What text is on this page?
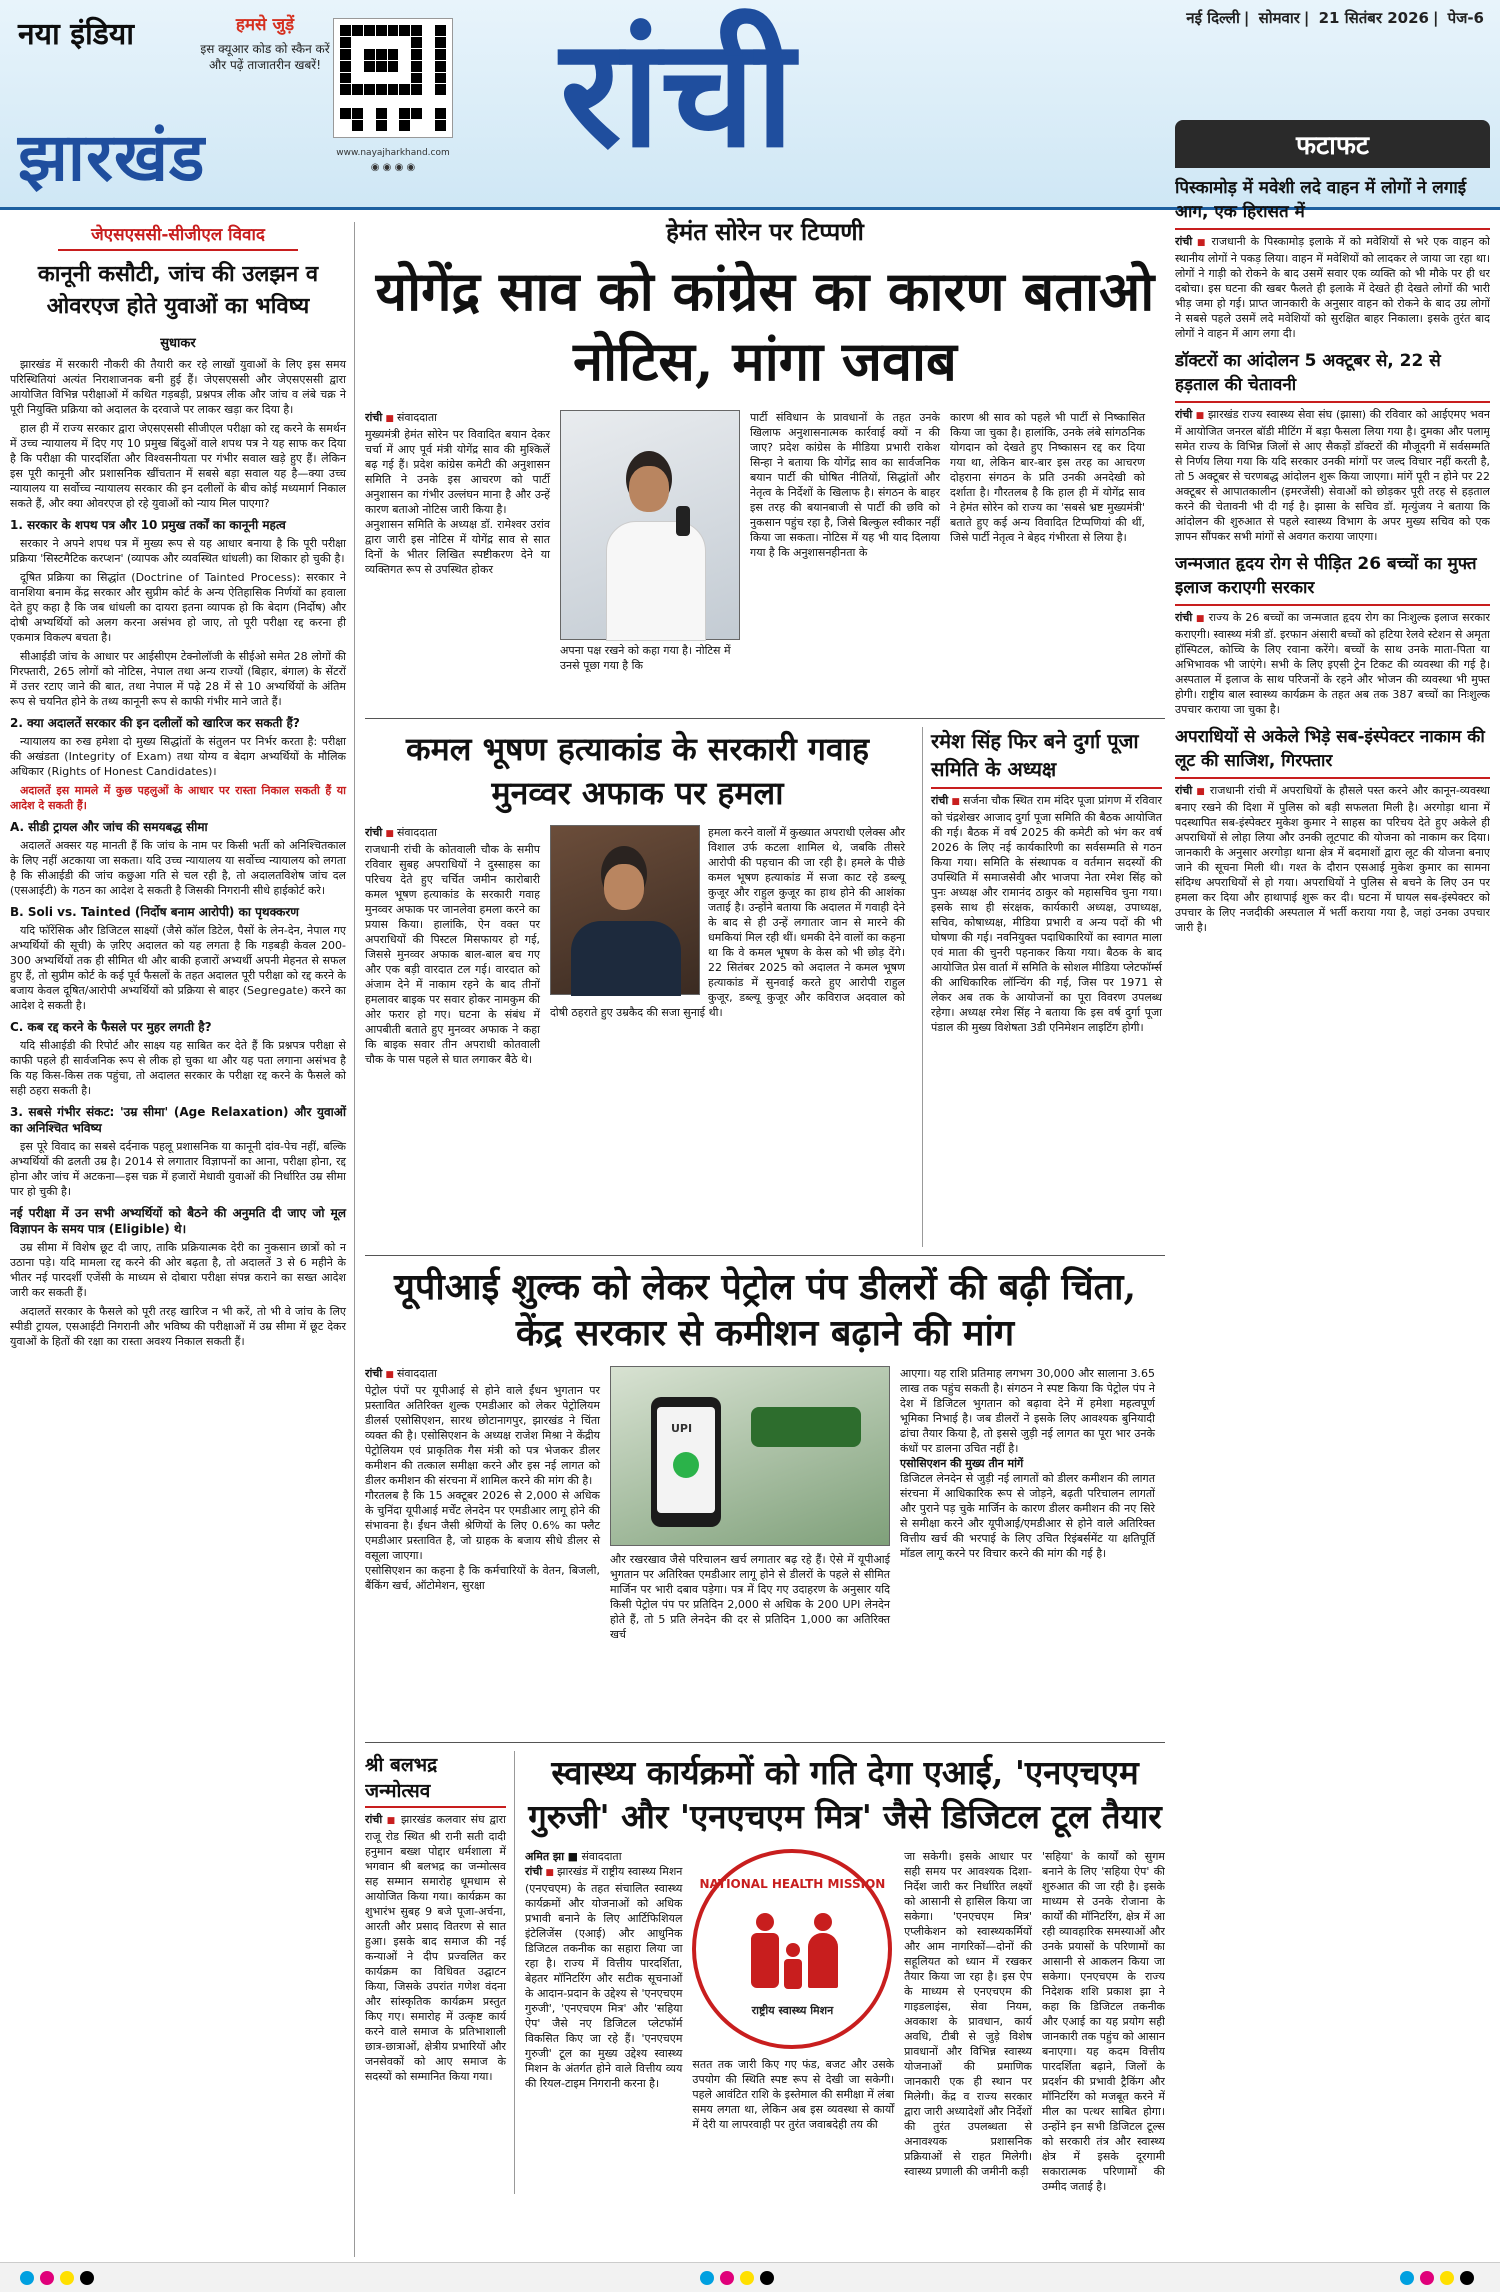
नया इंडिया
झारखंड
हमसे जुड़ें
इस क्यूआर कोड को स्कैन करें और पढ़ें ताजातरीन खबरें!
www.nayajharkhand.com
◉ ◉ ◉ ◉ रांची	नई दिल्ली | सोमवार | 21 सितंबर 2026 | पेज-6
जेएसएससी-सीजीएल विवाद
कानूनी कसौटी, जांच की उलझन व ओवरएज होते युवाओं का भविष्य
सुधाकर

झारखंड में सरकारी नौकरी की तैयारी कर रहे लाखों युवाओं के लिए इस समय परिस्थितियां अत्यंत निराशाजनक बनी हुई हैं। जेएसएससी और जेएसएससी द्वारा आयोजित विभिन्न परीक्षाओं में कथित गड़बड़ी, प्रश्नपत्र लीक और जांच व लंबे चक्र ने पूरी नियुक्ति प्रक्रिया को अदालत के दरवाजे पर लाकर खड़ा कर दिया है।

हाल ही में राज्य सरकार द्वारा जेएसएससी सीजीएल परीक्षा को रद्द करने के समर्थन में उच्च न्यायालय में दिए गए 10 प्रमुख बिंदुओं वाले शपथ पत्र ने यह साफ कर दिया है कि परीक्षा की पारदर्शिता और विश्वसनीयता पर गंभीर सवाल खड़े हुए हैं। लेकिन इस पूरी कानूनी और प्रशासनिक खींचतान में सबसे बड़ा सवाल यह है—क्या उच्च न्यायालय या सर्वोच्च न्यायालय सरकार की इन दलीलों के बीच कोई मध्यमार्ग निकाल सकते हैं, और क्या ओवरएज हो रहे युवाओं को न्याय मिल पाएगा?

1. सरकार के शपथ पत्र और 10 प्रमुख तर्कों का कानूनी महत्व

सरकार ने अपने शपथ पत्र में मुख्य रूप से यह आधार बनाया है कि पूरी परीक्षा प्रक्रिया 'सिस्टमैटिक करप्शन' (व्यापक और व्यवस्थित धांधली) का शिकार हो चुकी है।

दूषित प्रक्रिया का सिद्धांत (Doctrine of Tainted Process): सरकार ने वानशिया बनाम केंद्र सरकार और सुप्रीम कोर्ट के अन्य ऐतिहासिक निर्णयों का हवाला देते हुए कहा है कि जब धांधली का दायरा इतना व्यापक हो कि बेदाग (निर्दोष) और दोषी अभ्यर्थियों को अलग करना असंभव हो जाए, तो पूरी परीक्षा रद्द करना ही एकमात्र विकल्प बचता है।

सीआईडी जांच के आधार पर आईसीएम टेक्नोलॉजी के सीईओ समेत 28 लोगों की गिरफ्तारी, 265 लोगों को नोटिस, नेपाल तथा अन्य राज्यों (बिहार, बंगाल) के सेंटरों में उत्तर रटाए जाने की बात, तथा नेपाल में पढ़े 28 में से 10 अभ्यर्थियों के अंतिम रूप से चयनित होने के तथ्य कानूनी रूप से काफी गंभीर माने जाते हैं।

2. क्या अदालतें सरकार की इन दलीलों को खारिज कर सकती हैं?

न्यायालय का रुख हमेशा दो मुख्य सिद्धांतों के संतुलन पर निर्भर करता है: परीक्षा की अखंडता (Integrity of Exam) तथा योग्य व बेदाग अभ्यर्थियों के मौलिक अधिकार (Rights of Honest Candidates)।

अदालतें इस मामले में कुछ पहलुओं के आधार पर रास्ता निकाल सकती हैं या आदेश दे सकती हैं।

A. सीडी ट्रायल और जांच की समयबद्ध सीमा

अदालतें अक्सर यह मानती हैं कि जांच के नाम पर किसी भर्ती को अनिश्चितकाल के लिए नहीं अटकाया जा सकता। यदि उच्च न्यायालय या सर्वोच्च न्यायालय को लगता है कि सीआईडी की जांच कछुआ गति से चल रही है, तो अदालतविशेष जांच दल (एसआईटी) के गठन का आदेश दे सकती है जिसकी निगरानी सीधे हाईकोर्ट करे।

B. Soli vs. Tainted (निर्दोष बनाम आरोपी) का पृथक्करण

यदि फॉरेंसिक और डिजिटल साक्ष्यों (जैसे कॉल डिटेल, पैसों के लेन-देन, नेपाल गए अभ्यर्थियों की सूची) के ज़रिए अदालत को यह लगता है कि गड़बड़ी केवल 200-300 अभ्यर्थियों तक ही सीमित थी और बाकी हजारों अभ्यर्थी अपनी मेहनत से सफल हुए हैं, तो सुप्रीम कोर्ट के कई पूर्व फैसलों के तहत अदालत पूरी परीक्षा को रद्द करने के बजाय केवल दूषित/आरोपी अभ्यर्थियों को प्रक्रिया से बाहर (Segregate) करने का आदेश दे सकती है।

C. कब रद्द करने के फैसले पर मुहर लगती है?

यदि सीआईडी की रिपोर्ट और साक्ष्य यह साबित कर देते हैं कि प्रश्नपत्र परीक्षा से काफी पहले ही सार्वजनिक रूप से लीक हो चुका था और यह पता लगाना असंभव है कि यह किस-किस तक पहुंचा, तो अदालत सरकार के परीक्षा रद्द करने के फैसले को सही ठहरा सकती है।

3. सबसे गंभीर संकट: 'उम्र सीमा' (Age Relaxation) और युवाओं का अनिश्चित भविष्य

इस पूरे विवाद का सबसे दर्दनाक पहलू प्रशासनिक या कानूनी दांव-पेच नहीं, बल्कि अभ्यर्थियों की ढलती उम्र है। 2014 से लगातार विज्ञापनों का आना, परीक्षा होना, रद्द होना और जांच में अटकना—इस चक्र में हजारों मेधावी युवाओं की निर्धारित उम्र सीमा पार हो चुकी है।

नई परीक्षा में उन सभी अभ्यर्थियों को बैठने की अनुमति दी जाए जो मूल विज्ञापन के समय पात्र (Eligible) थे।

उम्र सीमा में विशेष छूट दी जाए, ताकि प्रक्रियात्मक देरी का नुकसान छात्रों को न उठाना पड़े। यदि मामला रद्द करने की ओर बढ़ता है, तो अदालतें 3 से 6 महीने के भीतर नई पारदर्शी एजेंसी के माध्यम से दोबारा परीक्षा संपन्न कराने का सख्त आदेश जारी कर सकती हैं।

अदालतें सरकार के फैसले को पूरी तरह खारिज न भी करें, तो भी वे जांच के लिए स्पीडी ट्रायल, एसआईटी निगरानी और भविष्य की परीक्षाओं में उम्र सीमा में छूट देकर युवाओं के हितों की रक्षा का रास्ता अवश्य निकाल सकती हैं।

हेमंत सोरेन पर टिप्पणी
योगेंद्र साव को कांग्रेस का कारण बताओ नोटिस, मांगा जवाब
रांची ■ संवाददाता
मुख्यमंत्री हेमंत सोरेन पर विवादित बयान देकर चर्चा में आए पूर्व मंत्री योगेंद्र साव की मुश्किलें बढ़ गई हैं। प्रदेश कांग्रेस कमेटी की अनुशासन समिति ने उनके इस आचरण को पार्टी अनुशासन का गंभीर उल्लंघन माना है और उन्हें कारण बताओ नोटिस जारी किया है।
अनुशासन समिति के अध्यक्ष डॉ. रामेश्वर उरांव द्वारा जारी इस नोटिस में योगेंद्र साव से सात दिनों के भीतर लिखित स्पष्टीकरण देने या व्यक्तिगत रूप से उपस्थित होकर
अपना पक्ष रखने को कहा गया है। नोटिस में उनसे पूछा गया है कि
पार्टी संविधान के प्रावधानों के तहत उनके खिलाफ अनुशासनात्मक कार्रवाई क्यों न की जाए? प्रदेश कांग्रेस के मीडिया प्रभारी राकेश सिन्हा ने बताया कि योगेंद्र साव का सार्वजनिक बयान पार्टी की घोषित नीतियों, सिद्धांतों और नेतृत्व के निर्देशों के खिलाफ है। संगठन के बाहर इस तरह की बयानबाजी से पार्टी की छवि को नुकसान पहुंच रहा है, जिसे बिल्कुल स्वीकार नहीं किया जा सकता। नोटिस में यह भी याद दिलाया गया है कि अनुशासनहीनता के
कारण श्री साव को पहले भी पार्टी से निष्कासित किया जा चुका है। हालांकि, उनके लंबे सांगठनिक योगदान को देखते हुए निष्कासन रद्द कर दिया गया था, लेकिन बार-बार इस तरह का आचरण दोहराना संगठन के प्रति उनकी अनदेखी को दर्शाता है। गौरतलब है कि हाल ही में योगेंद्र साव ने हेमंत सोरेन को राज्य का 'सबसे भ्रष्ट मुख्यमंत्री' बताते हुए कई अन्य विवादित टिप्पणियां की थीं, जिसे पार्टी नेतृत्व ने बेहद गंभीरता से लिया है।
कमल भूषण हत्याकांड के सरकारी गवाह मुनव्वर अफाक पर हमला
रांची ■ संवाददाता
राजधानी रांची के कोतवाली चौक के समीप रविवार सुबह अपराधियों ने दुस्साहस का परिचय देते हुए चर्चित जमीन कारोबारी कमल भूषण हत्याकांड के सरकारी गवाह मुनव्वर अफाक पर जानलेवा हमला करने का प्रयास किया। हालांकि, ऐन वक्त पर अपराधियों की पिस्टल मिसफायर हो गई, जिससे मुनव्वर अफाक बाल-बाल बच गए और एक बड़ी वारदात टल गई। वारदात को अंजाम देने में नाकाम रहने के बाद तीनों हमलावर बाइक पर सवार होकर नामकुम की ओर फरार हो गए। घटना के संबंध में आपबीती बताते हुए मुनव्वर अफाक ने कहा कि बाइक सवार तीन अपराधी कोतवाली चौक के पास पहले से घात लगाकर बैठे थे।
हमला करने वालों में कुख्यात अपराधी एलेक्स और विशाल उर्फ कटला शामिल थे, जबकि तीसरे आरोपी की पहचान की जा रही है। हमले के पीछे कमल भूषण हत्याकांड में सजा काट रहे डब्ल्यू कुजूर और राहुल कुजूर का हाथ होने की आशंका जताई है। उन्होंने बताया कि अदालत में गवाही देने के बाद से ही उन्हें लगातार जान से मारने की धमकियां मिल रही थीं। धमकी देने वालों का कहना था कि वे कमल भूषण के केस को भी छोड़ देंगे। 22 सितंबर 2025 को अदालत ने कमल भूषण हत्याकांड में सुनवाई करते हुए आरोपी राहुल कुजूर, डब्ल्यू कुजूर और कविराज अदवाल को दोषी ठहराते हुए उम्रकैद की सजा सुनाई थी।
रमेश सिंह फिर बने दुर्गा पूजा समिति के अध्यक्ष
रांची ■ सर्जना चौक स्थित राम मंदिर पूजा प्रांगण में रविवार को चंद्रशेखर आजाद दुर्गा पूजा समिति की बैठक आयोजित की गई। बैठक में वर्ष 2025 की कमेटी को भंग कर वर्ष 2026 के लिए नई कार्यकारिणी का सर्वसम्मति से गठन किया गया। समिति के संस्थापक व वर्तमान सदस्यों की उपस्थिति में समाजसेवी और भाजपा नेता रमेश सिंह को पुनः अध्यक्ष और रामानंद ठाकुर को महासचिव चुना गया। इसके साथ ही संरक्षक, कार्यकारी अध्यक्ष, उपाध्यक्ष, सचिव, कोषाध्यक्ष, मीडिया प्रभारी व अन्य पदों की भी घोषणा की गई। नवनियुक्त पदाधिकारियों का स्वागत माला एवं माता की चुनरी पहनाकर किया गया। बैठक के बाद आयोजित प्रेस वार्ता में समिति के सोशल मीडिया प्लेटफॉर्म्स की आधिकारिक लॉन्चिंग की गई, जिस पर 1971 से लेकर अब तक के आयोजनों का पूरा विवरण उपलब्ध रहेगा। अध्यक्ष रमेश सिंह ने बताया कि इस वर्ष दुर्गा पूजा पंडाल की मुख्य विशेषता 3डी एनिमेशन लाइटिंग होगी।
यूपीआई शुल्क को लेकर पेट्रोल पंप डीलरों की बढ़ी चिंता, केंद्र सरकार से कमीशन बढ़ाने की मांग
रांची ■ संवाददाता
पेट्रोल पंपों पर यूपीआई से होने वाले ईंधन भुगतान पर प्रस्तावित अतिरिक्त शुल्क एमडीआर को लेकर पेट्रोलियम डीलर्स एसोसिएशन, सारथ छोटानागपुर, झारखंड ने चिंता व्यक्त की है। एसोसिएशन के अध्यक्ष राजेश मिश्रा ने केंद्रीय पेट्रोलियम एवं प्राकृतिक गैस मंत्री को पत्र भेजकर डीलर कमीशन की तत्काल समीक्षा करने और इस नई लागत को डीलर कमीशन की संरचना में शामिल करने की मांग की है।
गौरतलब है कि 15 अक्टूबर 2026 से 2,000 से अधिक के चुनिंदा यूपीआई मर्चेंट लेनदेन पर एमडीआर लागू होने की संभावना है। ईंधन जैसी श्रेणियों के लिए 0.6% का फ्लैट एमडीआर प्रस्तावित है, जो ग्राहक के बजाय सीधे डीलर से वसूला जाएगा।
एसोसिएशन का कहना है कि कर्मचारियों के वेतन, बिजली, बैंकिंग खर्च, ऑटोमेशन, सुरक्षा
UPI
और रखरखाव जैसे परिचालन खर्च लगातार बढ़ रहे हैं। ऐसे में यूपीआई भुगतान पर अतिरिक्त एमडीआर लागू होने से डीलरों के पहले से सीमित मार्जिन पर भारी दबाव पड़ेगा। पत्र में दिए गए उदाहरण के अनुसार यदि किसी पेट्रोल पंप पर प्रतिदिन 2,000 से अधिक के 200 UPI लेनदेन होते हैं, तो 5 प्रति लेनदेन की दर से प्रतिदिन 1,000 का अतिरिक्त खर्च
आएगा। यह राशि प्रतिमाह लगभग 30,000 और सालाना 3.65 लाख तक पहुंच सकती है। संगठन ने स्पष्ट किया कि पेट्रोल पंप ने देश में डिजिटल भुगतान को बढ़ावा देने में हमेशा महत्वपूर्ण भूमिका निभाई है। जब डीलरों ने इसके लिए आवश्यक बुनियादी ढांचा तैयार किया है, तो इससे जुड़ी नई लागत का पूरा भार उनके कंधों पर डालना उचित नहीं है।
एसोसिएशन की मुख्य तीन मांगें
डिजिटल लेनदेन से जुड़ी नई लागतों को डीलर कमीशन की लागत संरचना में आधिकारिक रूप से जोड़ने, बढ़ती परिचालन लागतों और पुराने पड़ चुके मार्जिन के कारण डीलर कमीशन की नए सिरे से समीक्षा करने और यूपीआई/एमडीआर से होने वाले अतिरिक्त वित्तीय खर्च की भरपाई के लिए उचित रिइंबर्समेंट या क्षतिपूर्ति मॉडल लागू करने पर विचार करने की मांग की गई है।
श्री बलभद्र जन्मोत्सव
रांची ■ झारखंड कलवार संघ द्वारा राजू रोड स्थित श्री रानी सती दादी हनुमान बख्श पोद्दार धर्मशाला में भगवान श्री बलभद्र का जन्मोत्सव सह सम्मान समारोह धूमधाम से आयोजित किया गया। कार्यक्रम का शुभारंभ सुबह 9 बजे पूजा-अर्चना, आरती और प्रसाद वितरण से सात हुआ। इसके बाद समाज की नई कन्याओं ने दीप प्रज्वलित कर कार्यक्रम का विधिवत उद्घाटन किया, जिसके उपरांत गणेश वंदना और सांस्कृतिक कार्यक्रम प्रस्तुत किए गए। समारोह में उत्कृष्ट कार्य करने वाले समाज के प्रतिभाशाली छात्र-छात्राओं, क्षेत्रीय प्रभारियों और जनसेवकों को आए समाज के सदस्यों को सम्मानित किया गया।
स्वास्थ्य कार्यक्रमों को गति देगा एआई, 'एनएचएम गुरुजी' और 'एनएचएम मित्र' जैसे डिजिटल टूल तैयार
अमित झा ■ संवाददाता
रांची ■ झारखंड में राष्ट्रीय स्वास्थ्य मिशन (एनएचएम) के तहत संचालित स्वास्थ्य कार्यक्रमों और योजनाओं को अधिक प्रभावी बनाने के लिए आर्टिफिशियल इंटेलिजेंस (एआई) और आधुनिक डिजिटल तकनीक का सहारा लिया जा रहा है। राज्य में वित्तीय पारदर्शिता, बेहतर मॉनिटरिंग और सटीक सूचनाओं के आदान-प्रदान के उद्देश्य से 'एनएचएम गुरुजी', 'एनएचएम मित्र' और 'सहिया ऐप' जैसे नए डिजिटल प्लेटफॉर्म विकसित किए जा रहे हैं। 'एनएचएम गुरुजी' टूल का मुख्य उद्देश्य स्वास्थ्य मिशन के अंतर्गत होने वाले वित्तीय व्यय की रियल-टाइम निगरानी करना है।
NATIONAL HEALTH MISSION
राष्ट्रीय स्वास्थ्य मिशन
सतत तक जारी किए गए फंड, बजट और उसके उपयोग की स्थिति स्पष्ट रूप से देखी जा सकेगी। पहले आवंटित राशि के इस्तेमाल की समीक्षा में लंबा समय लगता था, लेकिन अब इस व्यवस्था से कार्यों में देरी या लापरवाही पर तुरंत जवाबदेही तय की
जा सकेगी। इसके आधार पर सही समय पर आवश्यक दिशा-निर्देश जारी कर निर्धारित लक्ष्यों को आसानी से हासिल किया जा सकेगा। 'एनएचएम मित्र' एप्लीकेशन को स्वास्थ्यकर्मियों और आम नागरिकों—दोनों की सहूलियत को ध्यान में रखकर तैयार किया जा रहा है। इस ऐप के माध्यम से एनएचएम की गाइडलाइंस, सेवा नियम, अवकाश के प्रावधान, कार्य अवधि, टीबी से जुड़े विशेष प्रावधानों और विभिन्न स्वास्थ्य योजनाओं की प्रमाणिक जानकारी एक ही स्थान पर मिलेगी। केंद्र व राज्य सरकार द्वारा जारी अध्यादेशों और निर्देशों की तुरंत उपलब्धता से अनावश्यक प्रशासनिक प्रक्रियाओं से राहत मिलेगी। स्वास्थ्य प्रणाली की जमीनी कड़ी
'सहिया' के कार्यों को सुगम बनाने के लिए 'सहिया ऐप' की शुरुआत की जा रही है। इसके माध्यम से उनके रोजाना के कार्यों की मॉनिटरिंग, क्षेत्र में आ रही व्यावहारिक समस्याओं और उनके प्रयासों के परिणामों का आसानी से आकलन किया जा सकेगा। एनएचएम के राज्य निदेशक शशि प्रकाश झा ने कहा कि डिजिटल तकनीक और एआई का यह प्रयोग सही जानकारी तक पहुंच को आसान बनाएगा। यह कदम वित्तीय पारदर्शिता बढ़ाने, जिलों के प्रदर्शन की प्रभावी ट्रैकिंग और मॉनिटरिंग को मजबूत करने में मील का पत्थर साबित होगा। उन्होंने इन सभी डिजिटल टूल्स को सरकारी तंत्र और स्वास्थ्य क्षेत्र में इसके दूरगामी सकारात्मक परिणामों की उम्मीद जताई है।
फटाफट
पिस्कामोड़ में मवेशी लदे वाहन में लोगों ने लगाई आग, एक हिरासत में
रांची ■ राजधानी के पिस्कामोड़ इलाके में को मवेशियों से भरे एक वाहन को स्थानीय लोगों ने पकड़ लिया। वाहन में मवेशियों को लादकर ले जाया जा रहा था। लोगों ने गाड़ी को रोकने के बाद उसमें सवार एक व्यक्ति को भी मौके पर ही धर दबोचा। इस घटना की खबर फैलते ही इलाके में देखते ही देखते लोगों की भारी भीड़ जमा हो गई। प्राप्त जानकारी के अनुसार वाहन को रोकने के बाद उग्र लोगों ने सबसे पहले उसमें लदे मवेशियों को सुरक्षित बाहर निकाला। इसके तुरंत बाद लोगों ने वाहन में आग लगा दी।
डॉक्टरों का आंदोलन 5 अक्टूबर से, 22 से हड़ताल की चेतावनी
रांची ■ झारखंड राज्य स्वास्थ्य सेवा संघ (झासा) की रविवार को आईएमए भवन में आयोजित जनरल बॉडी मीटिंग में बड़ा फैसला लिया गया है। दुमका और पलामू समेत राज्य के विभिन्न जिलों से आए सैकड़ों डॉक्टरों की मौजूदगी में सर्वसम्मति से निर्णय लिया गया कि यदि सरकार उनकी मांगों पर जल्द विचार नहीं करती है, तो 5 अक्टूबर से चरणबद्ध आंदोलन शुरू किया जाएगा। मांगें पूरी न होने पर 22 अक्टूबर से आपातकालीन (इमरजेंसी) सेवाओं को छोड़कर पूरी तरह से हड़ताल करने की चेतावनी भी दी गई है। झासा के सचिव डॉ. मृत्युंजय ने बताया कि आंदोलन की शुरुआत से पहले स्वास्थ्य विभाग के अपर मुख्य सचिव को एक ज्ञापन सौंपकर सभी मांगों से अवगत कराया जाएगा।
जन्मजात हृदय रोग से पीड़ित 26 बच्चों का मुफ्त इलाज कराएगी सरकार
रांची ■ राज्य के 26 बच्चों का जन्मजात हृदय रोग का निःशुल्क इलाज सरकार कराएगी। स्वास्थ्य मंत्री डॉ. इरफान अंसारी बच्चों को हटिया रेलवे स्टेशन से अमृता हॉस्पिटल, कोच्चि के लिए रवाना करेंगे। बच्चों के साथ उनके माता-पिता या अभिभावक भी जाएंगे। सभी के लिए इएसी ट्रेन टिकट की व्यवस्था की गई है। अस्पताल में इलाज के साथ परिजनों के रहने और भोजन की व्यवस्था भी मुफ्त होगी। राष्ट्रीय बाल स्वास्थ्य कार्यक्रम के तहत अब तक 387 बच्चों का निःशुल्क उपचार कराया जा चुका है।
अपराधियों से अकेले भिड़े सब-इंस्पेक्टर नाकाम की लूट की साजिश, गिरफ्तार
रांची ■ राजधानी रांची में अपराधियों के हौसले पस्त करने और कानून-व्यवस्था बनाए रखने की दिशा में पुलिस को बड़ी सफलता मिली है। अरगोड़ा थाना में पदस्थापित सब-इंस्पेक्टर मुकेश कुमार ने साहस का परिचय देते हुए अकेले ही अपराधियों से लोहा लिया और उनकी लूटपाट की योजना को नाकाम कर दिया। जानकारी के अनुसार अरगोड़ा थाना क्षेत्र में बदमाशों द्वारा लूट की योजना बनाए जाने की सूचना मिली थी। गश्त के दौरान एसआई मुकेश कुमार का सामना संदिग्ध अपराधियों से हो गया। अपराधियों ने पुलिस से बचने के लिए उन पर हमला कर दिया और हाथापाई शुरू कर दी। घटना में घायल सब-इंस्पेक्टर को उपचार के लिए नजदीकी अस्पताल में भर्ती कराया गया है, जहां उनका उपचार जारी है।
